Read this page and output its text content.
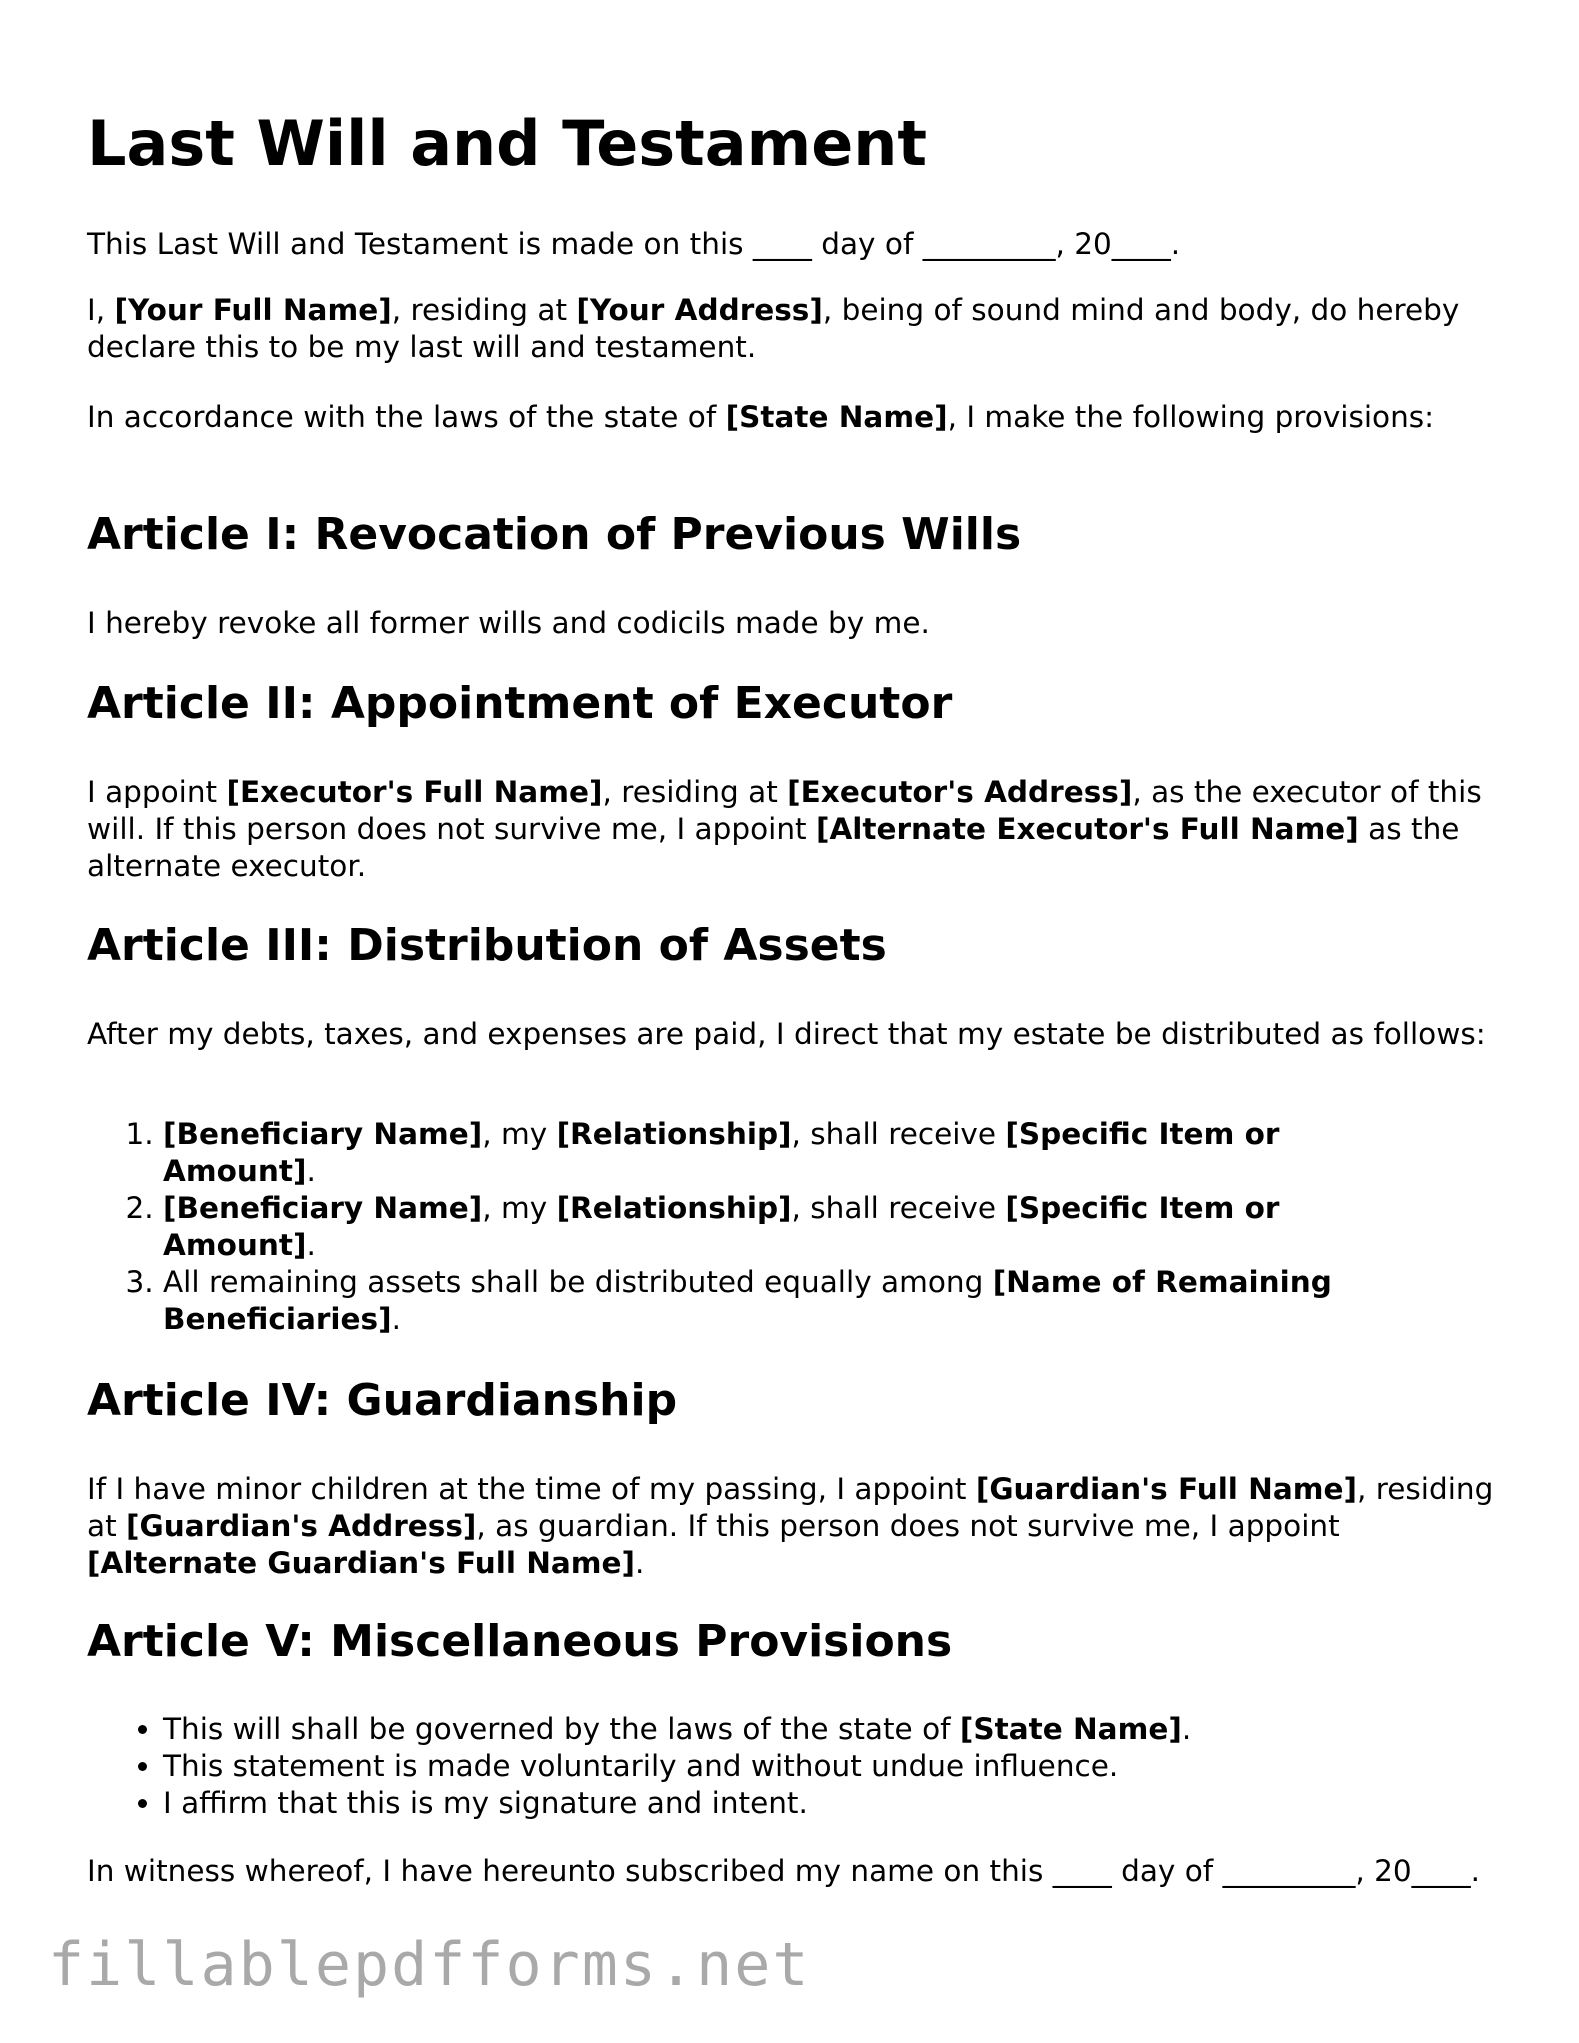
Last Will and Testament

This Last Will and Testament is made on this ____ day of _________, 20____.

I, [Your Full Name], residing at [Your Address], being of sound mind and body, do hereby declare this to be my last will and testament.

In accordance with the laws of the state of [State Name], I make the following provisions:

Article I: Revocation of Previous Wills

I hereby revoke all former wills and codicils made by me.

Article II: Appointment of Executor

I appoint [Executor's Full Name], residing at [Executor's Address], as the executor of this will. If this person does not survive me, I appoint [Alternate Executor's Full Name] as the alternate executor.

Article III: Distribution of Assets

After my debts, taxes, and expenses are paid, I direct that my estate be distributed as follows:

1. [Beneficiary Name], my [Relationship], shall receive [Specific Item or Amount].
2. [Beneficiary Name], my [Relationship], shall receive [Specific Item or Amount].
3. All remaining assets shall be distributed equally among [Name of Remaining Beneficiaries].
Article IV: Guardianship

If I have minor children at the time of my passing, I appoint [Guardian's Full Name], residing at [Guardian's Address], as guardian. If this person does not survive me, I appoint [Alternate Guardian's Full Name].

Article V: Miscellaneous Provisions
• This will shall be governed by the laws of the state of [State Name].
• This statement is made voluntarily and without undue influence.
• I affirm that this is my signature and intent.

In witness whereof, I have hereunto subscribed my name on this ____ day of _________, 20____.

fillablepdfforms.net
